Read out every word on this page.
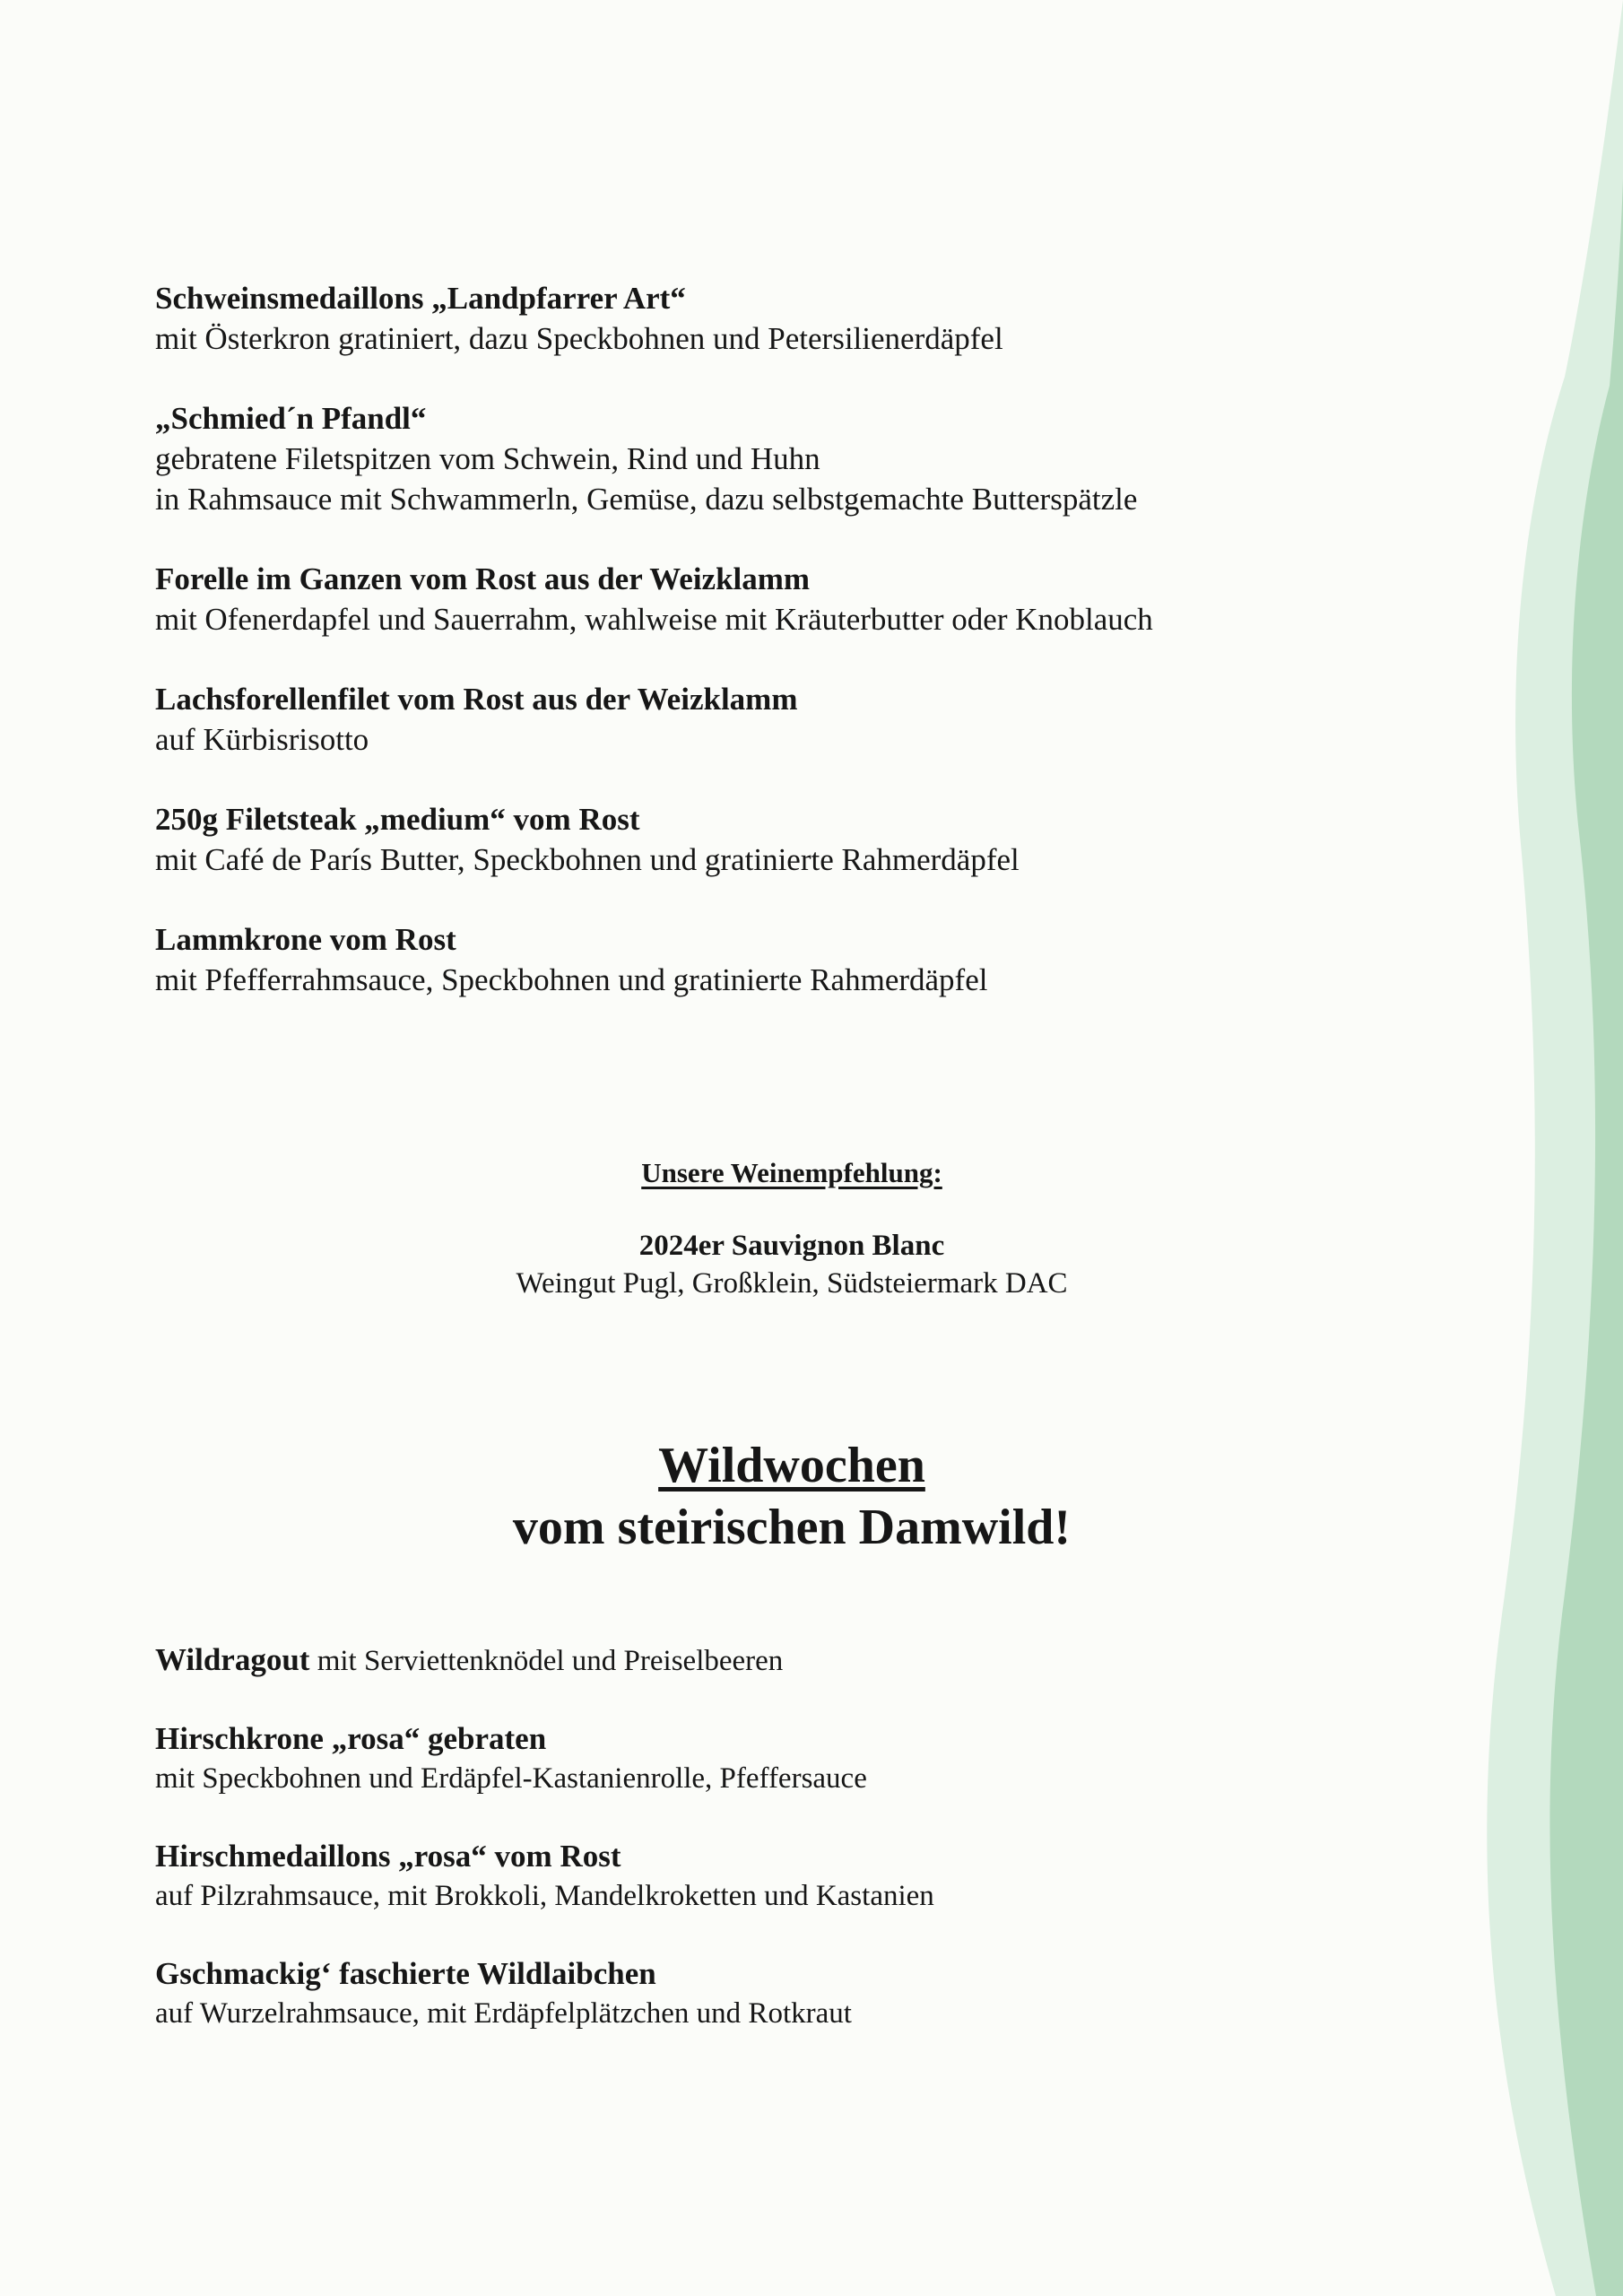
Schweinsmedaillons „Landpfarrer Art“
mit Österkron gratiniert, dazu Speckbohnen und Petersilienerdäpfel
„Schmied´n Pfandl“
gebratene Filetspitzen vom Schwein, Rind und Huhn
in Rahmsauce mit Schwammerln, Gemüse, dazu selbstgemachte Butterspätzle
Forelle im Ganzen vom Rost aus der Weizklamm
mit Ofenerdapfel und Sauerrahm, wahlweise mit Kräuterbutter oder Knoblauch
Lachsforellenfilet vom Rost aus der Weizklamm
auf Kürbisrisotto
250g Filetsteak „medium“ vom Rost
mit Café de París Butter, Speckbohnen und gratinierte Rahmerdäpfel
Lammkrone vom Rost
mit Pfefferrahmsauce, Speckbohnen und gratinierte Rahmerdäpfel
Unsere Weinempfehlung:
2024er Sauvignon Blanc
Weingut Pugl, Großklein, Südsteiermark DAC
Wildwochen
vom steirischen Damwild!
Wildragout mit Serviettenknödel und Preiselbeeren
Hirschkrone „rosa“ gebraten
mit Speckbohnen und Erdäpfel-Kastanienrolle, Pfeffersauce
Hirschmedaillons „rosa“ vom Rost
auf Pilzrahmsauce, mit Brokkoli, Mandelkroketten und Kastanien
Gschmackig‘ faschierte Wildlaibchen
auf Wurzelrahmsauce, mit Erdäpfelplätzchen und Rotkraut
